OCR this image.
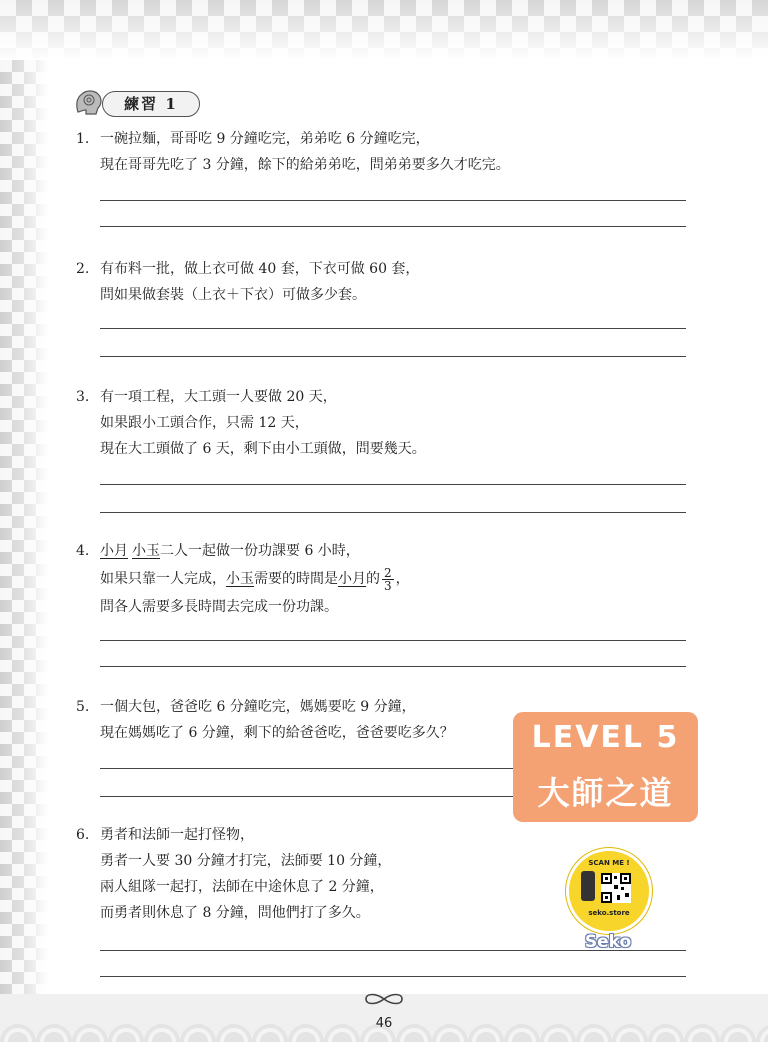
練習 1
1. 一碗拉麵，哥哥吃 9 分鐘吃完，弟弟吃 6 分鐘吃完，
現在哥哥先吃了 3 分鐘，餘下的給弟弟吃，問弟弟要多久才吃完。
2. 有布料一批，做上衣可做 40 套，下衣可做 60 套，
問如果做套裝（上衣＋下衣）可做多少套。
3. 有一項工程，大工頭一人要做 20 天，
如果跟小工頭合作，只需 12 天，
現在大工頭做了 6 天，剩下由小工頭做，問要幾天。
4. 小月 小玉二人一起做一份功課要 6 小時，
如果只靠一人完成，小玉需要的時間是小月的 $\frac{2}{3}$ ，
問各人需要多長時間去完成一份功課。
5. 一個大包，爸爸吃 6 分鐘吃完，媽媽要吃 9 分鐘，
現在媽媽吃了 6 分鐘，剩下的給爸爸吃，爸爸要吃多久？
6. 勇者和法師一起打怪物，
勇者一人要 30 分鐘才打完，法師要 10 分鐘，
兩人組隊一起打，法師在中途休息了 2 分鐘，
而勇者則休息了 8 分鐘，問他們打了多久。
LEVEL 5
大師之道
SCAN ME !
seko.store
Seko
46
